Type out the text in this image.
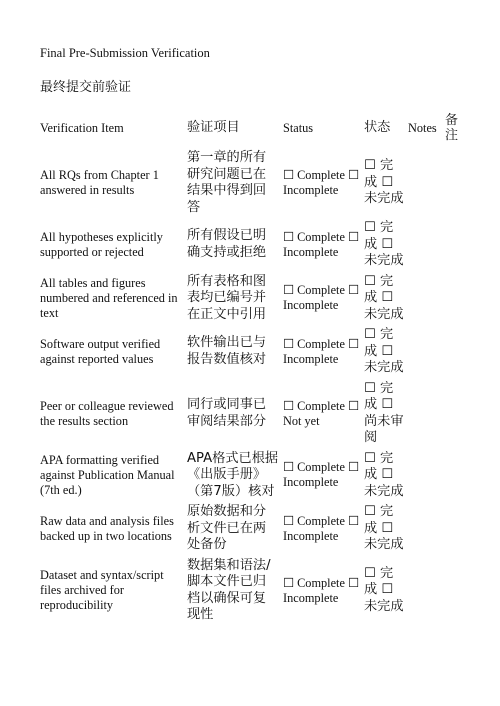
Final Pre-Submission Verification
最终提交前验证
Verification Item	验证项目	Status	状态	Notes	备注
All RQs from Chapter 1 answered in results	第一章的所有研究问题已在结果中得到回答	☐ Complete ☐ Incomplete	☐ 完成 ☐ 未完成		
All hypotheses explicitly supported or rejected	所有假设已明确支持或拒绝	☐ Complete ☐ Incomplete	☐ 完成 ☐ 未完成		
All tables and figures numbered and referenced in text	所有表格和图表均已编号并在正文中引用	☐ Complete ☐ Incomplete	☐ 完成 ☐ 未完成		
Software output verified against reported values	软件输出已与报告数值核对	☐ Complete ☐ Incomplete	☐ 完成 ☐ 未完成		
Peer or colleague reviewed the results section	同行或同事已审阅结果部分	☐ Complete ☐ Not yet	☐ 完成 ☐ 尚未审阅		
APA formatting verified against Publication Manual (7th ed.)	APA格式已根据《出版手册》（第7版）核对	☐ Complete ☐ Incomplete	☐ 完成 ☐ 未完成		
Raw data and analysis files backed up in two locations	原始数据和分析文件已在两处备份	☐ Complete ☐ Incomplete	☐ 完成 ☐ 未完成		
Dataset and syntax/script files archived for reproducibility	数据集和语法/脚本文件已归档以确保可复现性	☐ Complete ☐ Incomplete	☐ 完成 ☐ 未完成		
